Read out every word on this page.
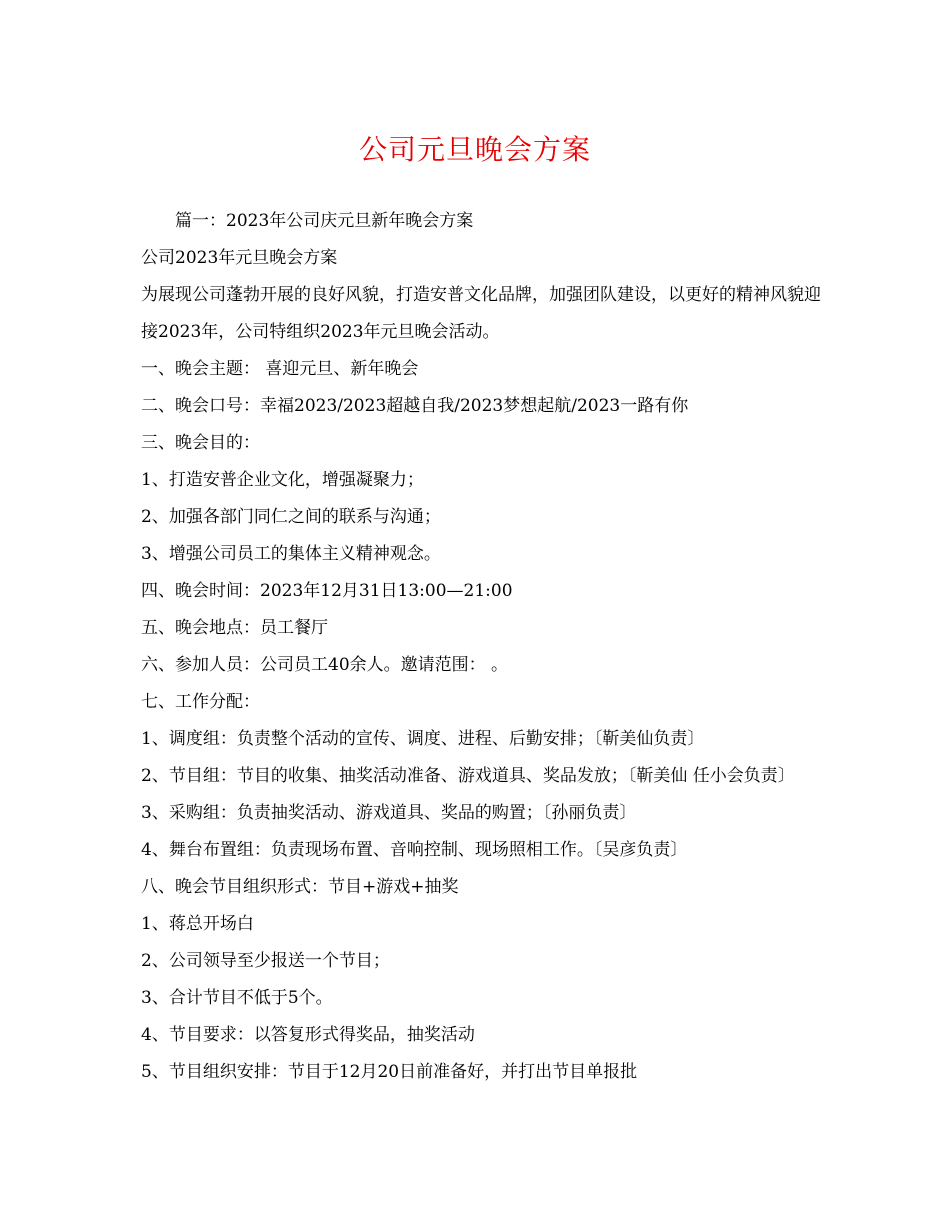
公司元旦晚会方案

篇一：2023年公司庆元旦新年晚会方案

公司2023年元旦晚会方案

为展现公司蓬勃开展的良好风貌，打造安普文化品牌，加强团队建设，以更好的精神风貌迎接2023年，公司特组织2023年元旦晚会活动。

一、晚会主题： 喜迎元旦、新年晚会

二、晚会口号：幸福2023/2023超越自我/2023梦想起航/2023一路有你

三、晚会目的：

1、打造安普企业文化，增强凝聚力；

2、加强各部门同仁之间的联系与沟通；

3、增强公司员工的集体主义精神观念。

四、晚会时间：2023年12月31日13:00—21:00

五、晚会地点：员工餐厅

六、参加人员：公司员工40余人。邀请范围： 。

七、工作分配：

1、调度组：负责整个活动的宣传、调度、进程、后勤安排；〔靳美仙负责〕

2、节目组：节目的收集、抽奖活动准备、游戏道具、奖品发放；〔靳美仙 任小会负责〕

3、采购组：负责抽奖活动、游戏道具、奖品的购置；〔孙丽负责〕

4、舞台布置组：负责现场布置、音响控制、现场照相工作。〔吴彦负责〕

八、晚会节目组织形式：节目+游戏+抽奖

1、蒋总开场白

2、公司领导至少报送一个节目；

3、合计节目不低于5个。

4、节目要求：以答复形式得奖品，抽奖活动

5、节目组织安排：节目于12月20日前准备好，并打出节目单报批
